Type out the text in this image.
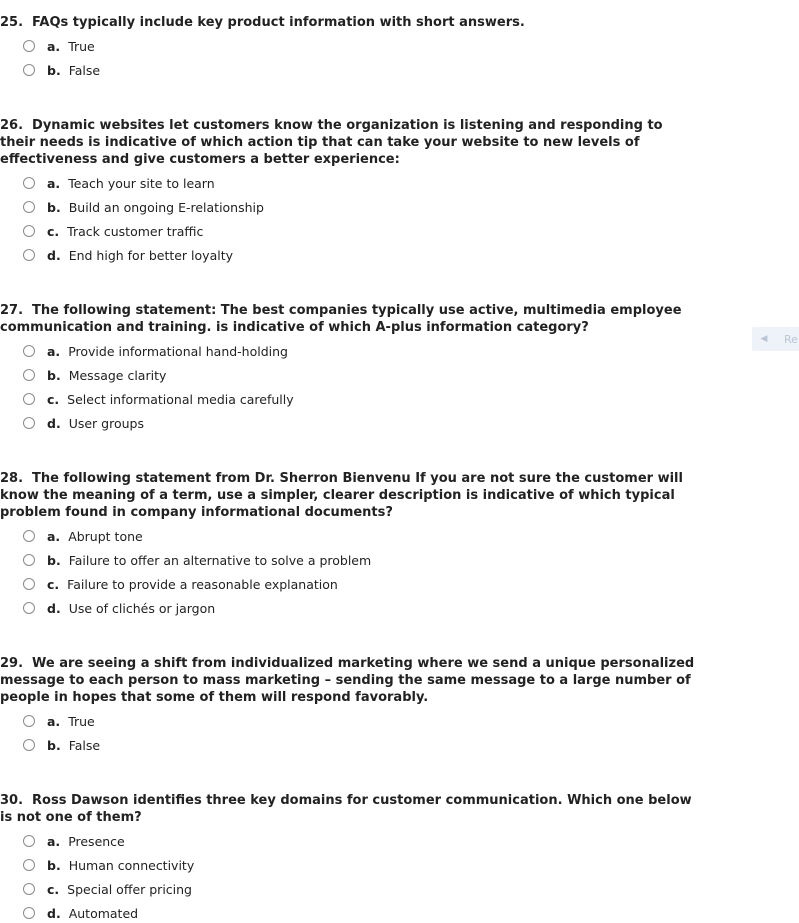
25. FAQs typically include key product information with short answers.

a. True
b. False

26. Dynamic websites let customers know the organization is listening and responding to their needs is indicative of which action tip that can take your website to new levels of effectiveness and give customers a better experience:

a. Teach your site to learn
b. Build an ongoing E-relationship
c. Track customer traffic
d. End high for better loyalty

27. The following statement: The best companies typically use active, multimedia employee communication and training. is indicative of which A-plus information category?

a. Provide informational hand-holding
b. Message clarity
c. Select informational media carefully
d. User groups

28. The following statement from Dr. Sherron Bienvenu If you are not sure the customer will know the meaning of a term, use a simpler, clearer description is indicative of which typical problem found in company informational documents?

a. Abrupt tone
b. Failure to offer an alternative to solve a problem
c. Failure to provide a reasonable explanation
d. Use of clichés or jargon

29. We are seeing a shift from individualized marketing where we send a unique personalized message to each person to mass marketing – sending the same message to a large number of people in hopes that some of them will respond favorably.

a. True
b. False

30. Ross Dawson identifies three key domains for customer communication. Which one below is not one of them?

a. Presence
b. Human connectivity
c. Special offer pricing
d. Automated
◀	Re
